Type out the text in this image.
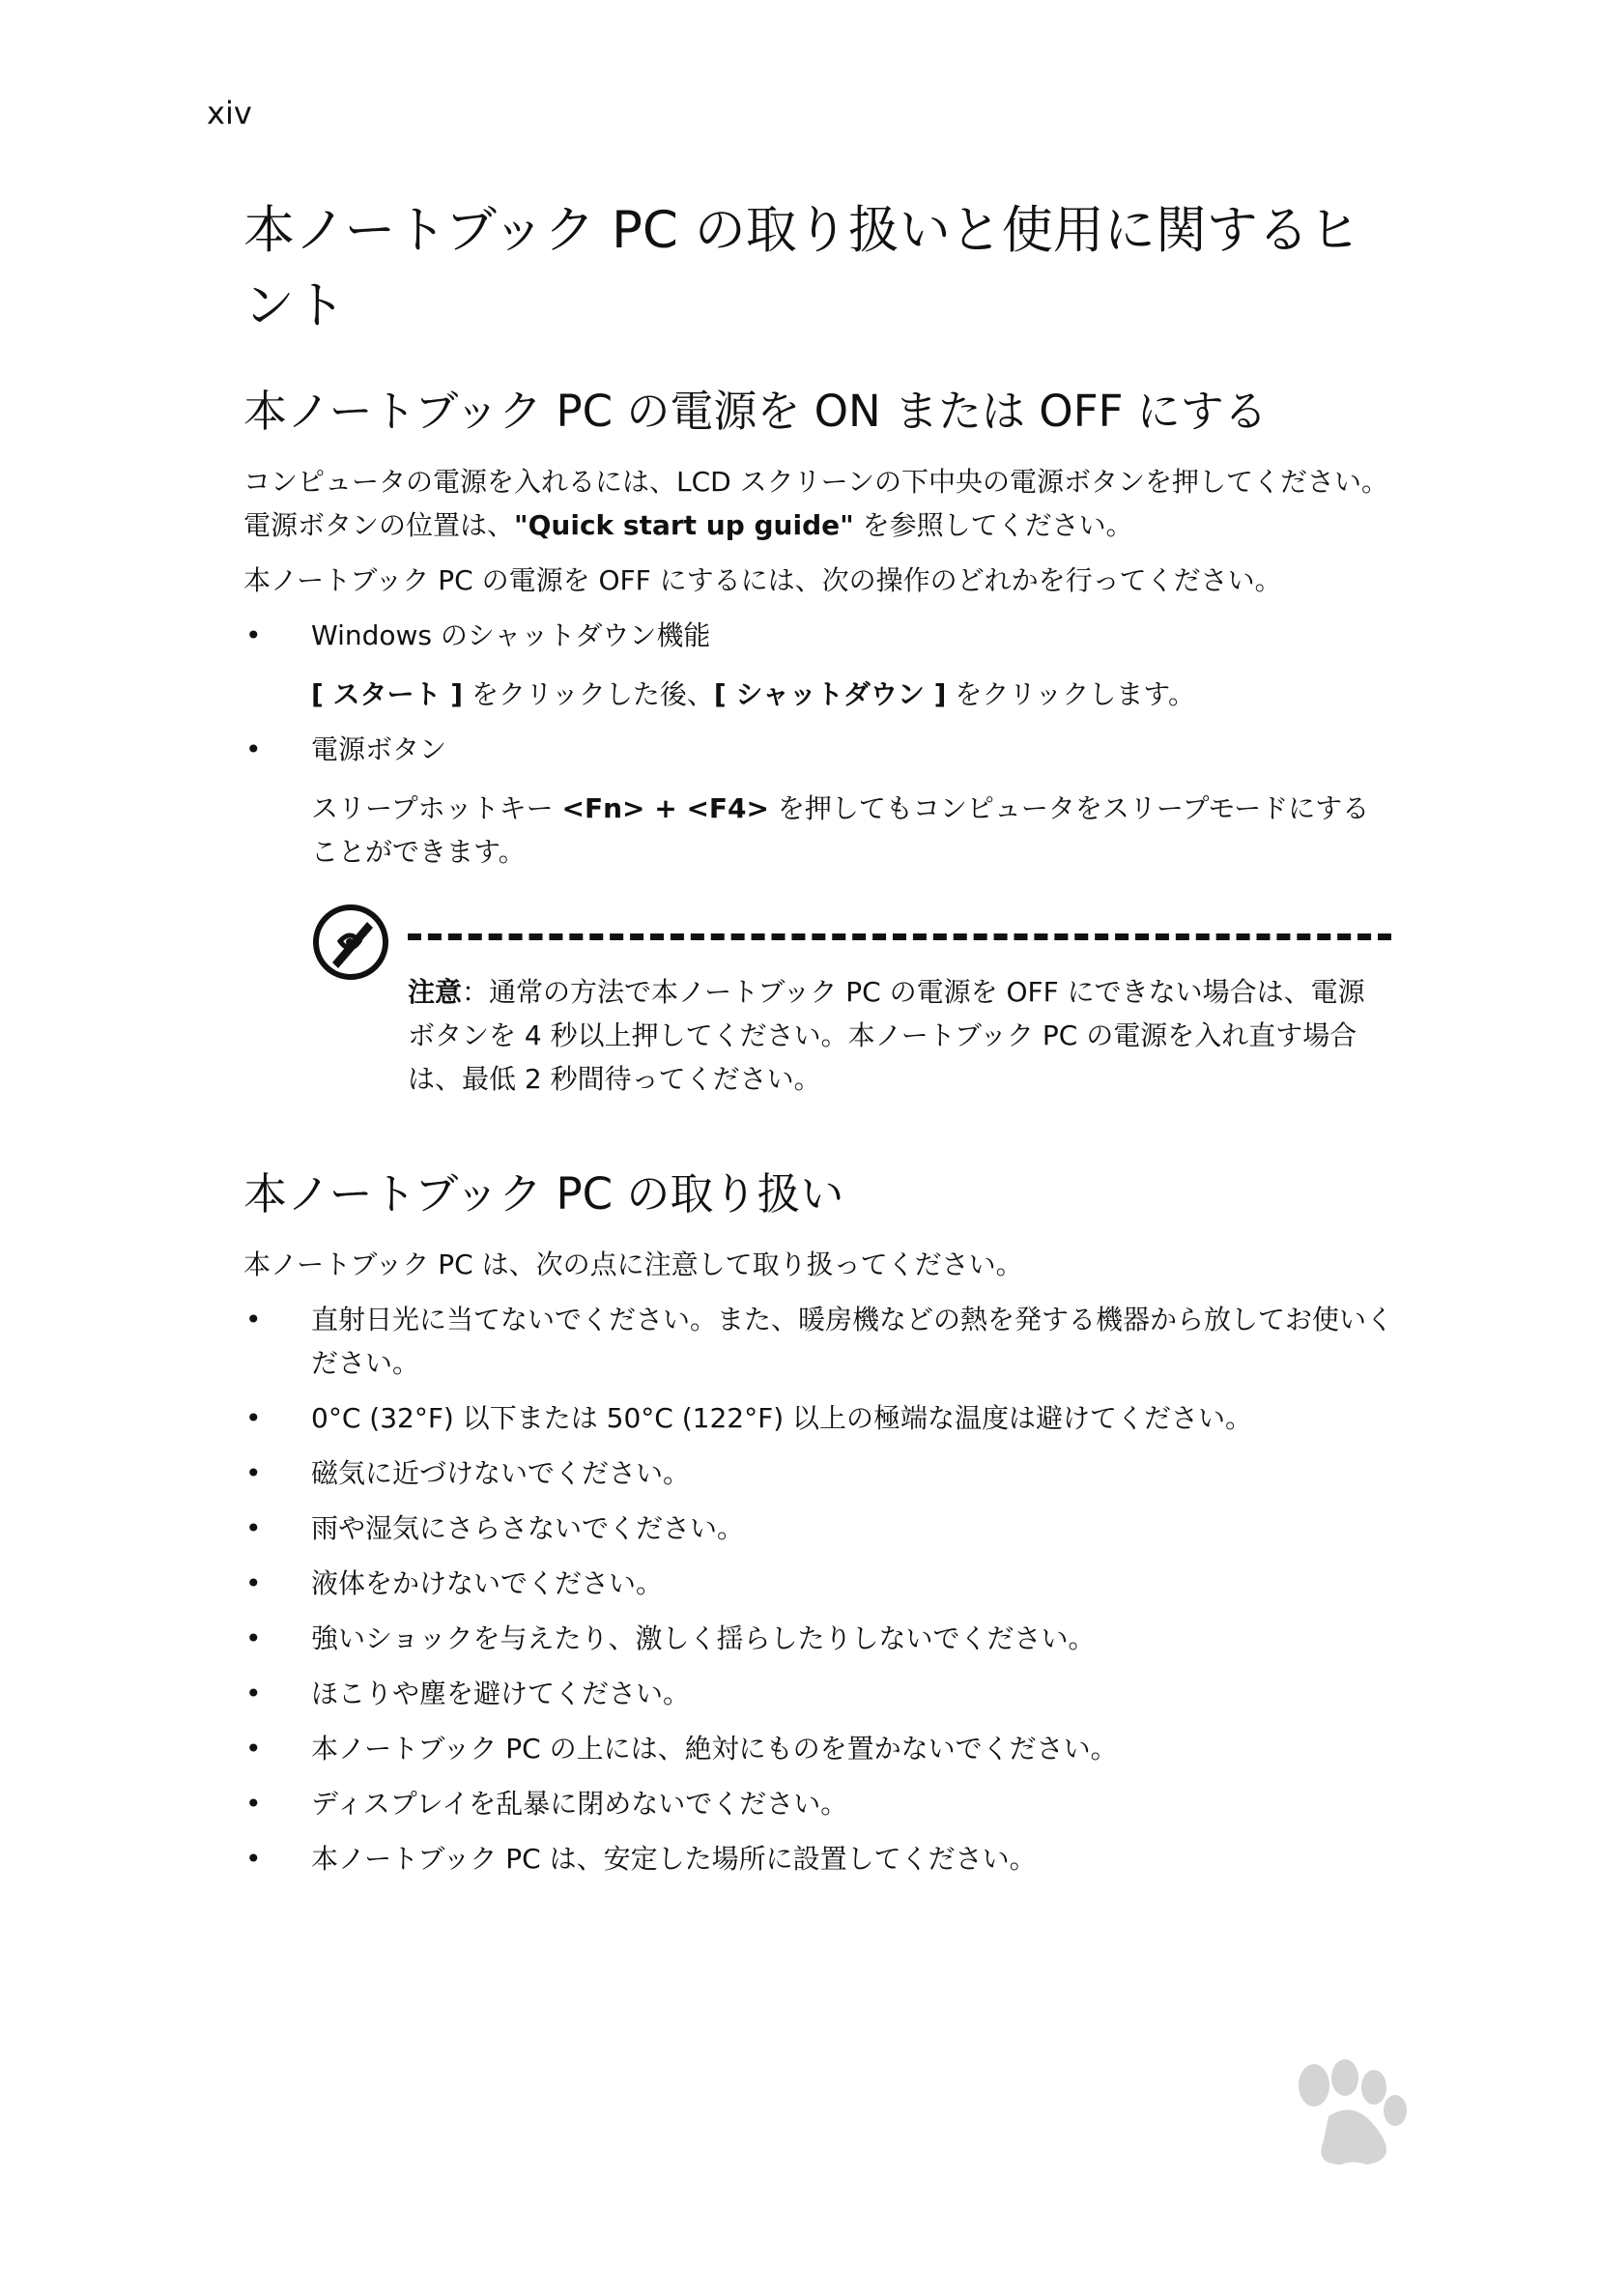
xiv
本ノートブック PC の取り扱いと使用に関するヒント
本ノートブック PC の電源を ON または OFF にする

コンピュータの電源を入れるには、LCD スクリーンの下中央の電源ボタンを押してください。電源ボタンの位置は、"Quick start up guide" を参照してください。

本ノートブック PC の電源を OFF にするには、次の操作のどれかを行ってください。

• Windows のシャットダウン機能

[ スタート ] をクリックした後、[ シャットダウン ] をクリックします。

• 電源ボタン

スリープホットキー <Fn> + <F4> を押してもコンピュータをスリープモードにすることができます。

注意：通常の方法で本ノートブック PC の電源を OFF にできない場合は、電源ボタンを 4 秒以上押してください。本ノートブック PC の電源を入れ直す場合は、最低 2 秒間待ってください。

本ノートブック PC の取り扱い

本ノートブック PC は、次の点に注意して取り扱ってください。

• 直射日光に当てないでください。また、暖房機などの熱を発する機器から放してお使いください。
• 0°C (32°F) 以下または 50°C (122°F) 以上の極端な温度は避けてください。
• 磁気に近づけないでください。
• 雨や湿気にさらさないでください。
• 液体をかけないでください。
• 強いショックを与えたり、激しく揺らしたりしないでください。
• ほこりや塵を避けてください。
• 本ノートブック PC の上には、絶対にものを置かないでください。
• ディスプレイを乱暴に閉めないでください。
• 本ノートブック PC は、安定した場所に設置してください。
